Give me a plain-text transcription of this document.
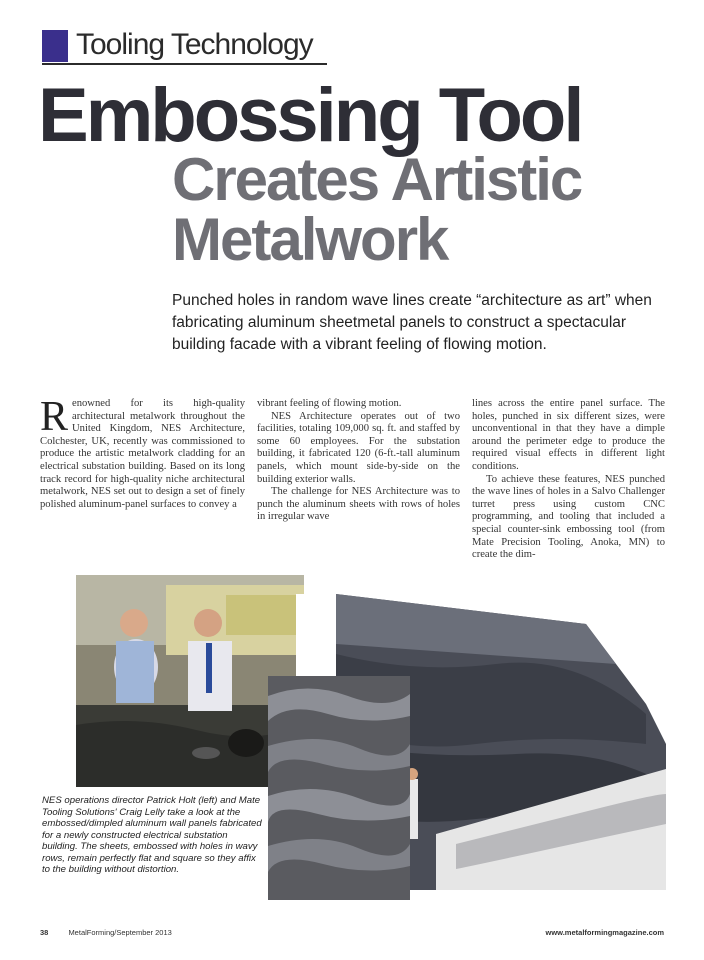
Tooling Technology
Embossing Tool
Creates Artistic
Metalwork
Punched holes in random wave lines create “architecture as art” when fabricating aluminum sheetmetal panels to construct a spectacular building facade with a vibrant feeling of flowing motion.
R enowned for its high-quality architectural metalwork throughout the United Kingdom, NES Architecture, Colchester, UK, recently was commissioned to produce the artistic metalwork cladding for an electrical substation building. Based on its long track record for high-quality niche architectural metalwork, NES set out to design a set of finely polished aluminum-panel surfaces to convey a

vibrant feeling of flowing motion.

NES Architecture operates out of two facilities, totaling 109,000 sq. ft. and staffed by some 60 employees. For the substation building, it fabricated 120 (6-ft.-tall aluminum panels, which mount side-by-side on the building exterior walls.

The challenge for NES Architecture was to punch the aluminum sheets with rows of holes in irregular wave

lines across the entire panel surface. The holes, punched in six different sizes, were unconventional in that they have a dimple around the perimeter edge to produce the required visual effects in different light conditions.

To achieve these features, NES punched the wave lines of holes in a Salvo Challenger turret press using custom CNC programming, and tooling that included a special counter-sink embossing tool (from Mate Precision Tooling, Anoka, MN) to create the dim-

NES operations director Patrick Holt (left) and Mate Tooling Solutions' Craig Lelly take a look at the embossed/dimpled aluminum wall panels fabricated for a newly constructed electrical substation building. The sheets, embossed with holes in wavy rows, remain perfectly flat and square so they affix to the building without distortion.
38	MetalForming/September 2013	www.metalformingmagazine.com
